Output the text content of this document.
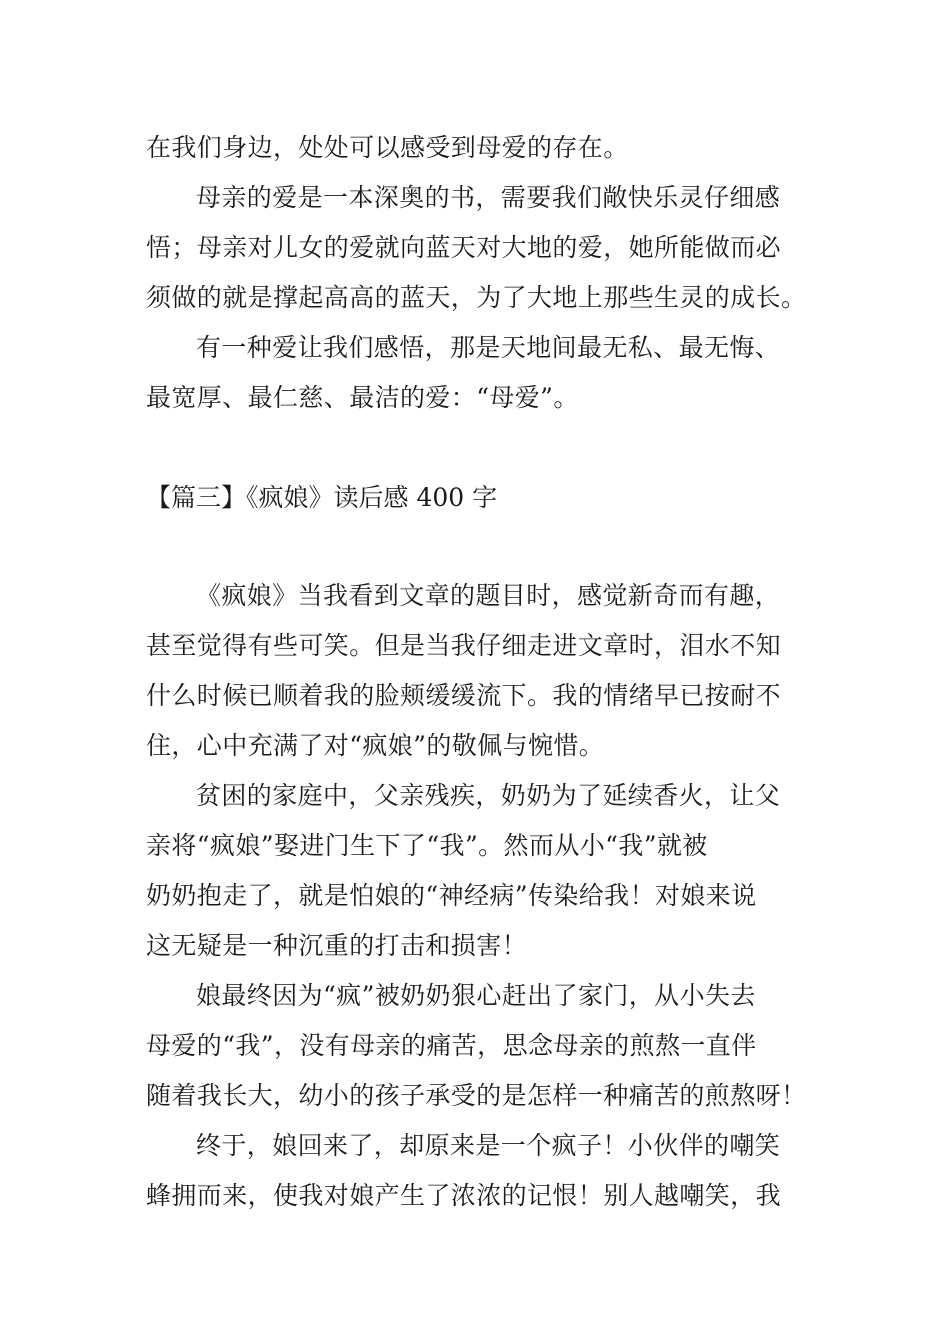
在我们身边，处处可以感受到母爱的存在。
母亲的爱是一本深奥的书，需要我们敞快乐灵仔细感
悟；母亲对儿女的爱就向蓝天对大地的爱，她所能做而必
须做的就是撑起高高的蓝天，为了大地上那些生灵的成长。
有一种爱让我们感悟，那是天地间最无私、最无悔、
最宽厚、最仁慈、最洁的爱：“母爱”。
【篇三】《疯娘》读后感 400 字
《疯娘》当我看到文章的题目时，感觉新奇而有趣，
甚至觉得有些可笑。但是当我仔细走进文章时，泪水不知
什么时候已顺着我的脸颊缓缓流下。我的情绪早已按耐不
住，心中充满了对“疯娘”的敬佩与惋惜。
贫困的家庭中，父亲残疾，奶奶为了延续香火，让父
亲将“疯娘”娶进门生下了“我”。然而从小“我”就被
奶奶抱走了，就是怕娘的“神经病”传染给我！对娘来说
这无疑是一种沉重的打击和损害！
娘最终因为“疯”被奶奶狠心赶出了家门，从小失去
母爱的“我”，没有母亲的痛苦，思念母亲的煎熬一直伴
随着我长大，幼小的孩子承受的是怎样一种痛苦的煎熬呀！
终于，娘回来了，却原来是一个疯子！小伙伴的嘲笑
蜂拥而来，使我对娘产生了浓浓的记恨！别人越嘲笑，我
